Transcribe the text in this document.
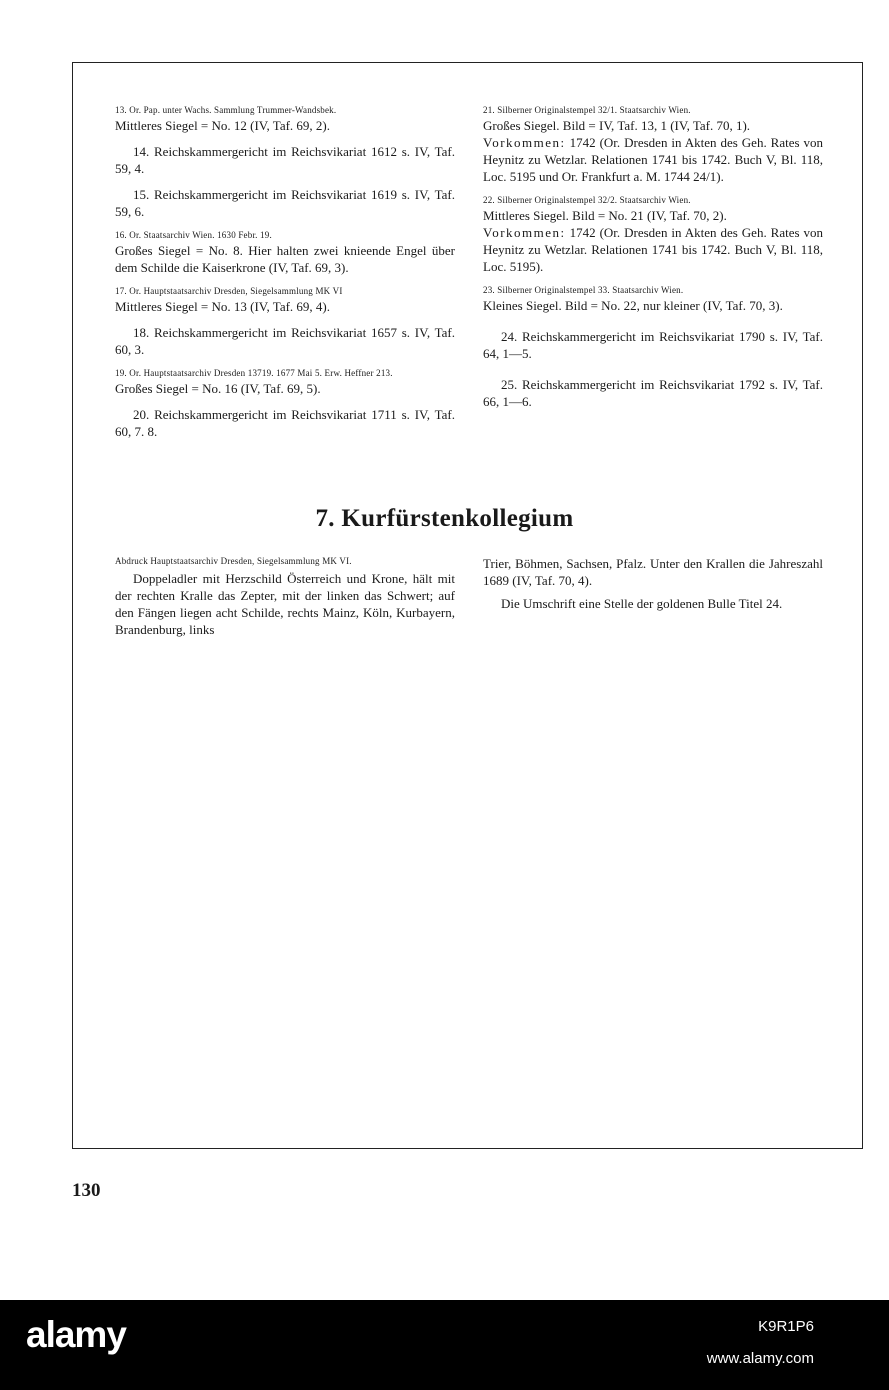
13. Or. Pap. unter Wachs. Sammlung Trummer-Wandsbek.
Mittleres Siegel = No. 12 (IV, Taf. 69, 2).
14. Reichskammergericht im Reichsvikariat 1612 s. IV, Taf. 59, 4.
15. Reichskammergericht im Reichsvikariat 1619 s. IV, Taf. 59, 6.
16. Or. Staatsarchiv Wien. 1630 Febr. 19.
Großes Siegel = No. 8. Hier halten zwei knieende Engel über dem Schilde die Kaiserkrone (IV, Taf. 69, 3).
17. Or. Hauptstaatsarchiv Dresden, Siegelsammlung MK VI
Mittleres Siegel = No. 13 (IV, Taf. 69, 4).
18. Reichskammergericht im Reichsvikariat 1657 s. IV, Taf. 60, 3.
19. Or. Hauptstaatsarchiv Dresden 13719. 1677 Mai 5. Erw. Heffner 213.
Großes Siegel = No. 16 (IV, Taf. 69, 5).
20. Reichskammergericht im Reichsvikariat 1711 s. IV, Taf. 60, 7. 8.
21. Silberner Originalstempel 32/1. Staatsarchiv Wien.
Großes Siegel. Bild = IV, Taf. 13, 1 (IV, Taf. 70, 1).
Vorkommen: 1742 (Or. Dresden in Akten des Geh. Rates von Heynitz zu Wetzlar. Relationen 1741 bis 1742. Buch V, Bl. 118, Loc. 5195 und Or. Frankfurt a. M. 1744 24/1).
22. Silberner Originalstempel 32/2. Staatsarchiv Wien.
Mittleres Siegel. Bild = No. 21 (IV, Taf. 70, 2).
Vorkommen: 1742 (Or. Dresden in Akten des Geh. Rates von Heynitz zu Wetzlar. Relationen 1741 bis 1742. Buch V, Bl. 118, Loc. 5195).
23. Silberner Originalstempel 33. Staatsarchiv Wien.
Kleines Siegel. Bild = No. 22, nur kleiner (IV, Taf. 70, 3).
24. Reichskammergericht im Reichsvikariat 1790 s. IV, Taf. 64, 1—5.
25. Reichskammergericht im Reichsvikariat 1792 s. IV, Taf. 66, 1—6.
7. Kurfürstenkollegium
Abdruck Hauptstaatsarchiv Dresden, Siegelsammlung MK VI.
Doppeladler mit Herzschild Österreich und Krone, hält mit der rechten Kralle das Zepter, mit der linken das Schwert; auf den Fängen liegen acht Schilde, rechts Mainz, Köln, Kurbayern, Brandenburg, links
Trier, Böhmen, Sachsen, Pfalz. Unter den Krallen die Jahreszahl 1689 (IV, Taf. 70, 4).
Die Umschrift eine Stelle der goldenen Bulle Titel 24.
130
alamy	K9R1P6
www.alamy.com
